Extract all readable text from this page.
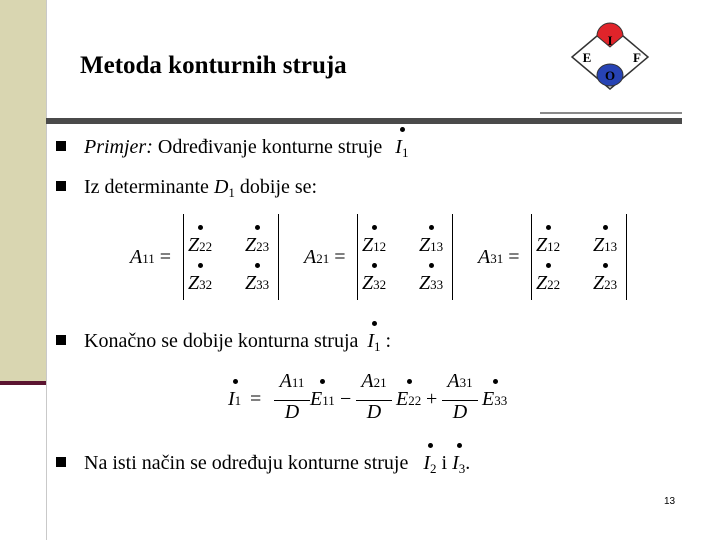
Metoda konturnih struja
I
E	F
O
Primjer: Određivanje konturne struje $I_1$
Iz determinante $D_1$ dobije se:
A11 =
Z22 Z23
Z32 Z33
A21 =
Z12 Z13
Z32 Z33
A31 =
Z12 Z13
Z22 Z23
Konačno se dobije konturna struja $I_1$ :
I1 =
A11
D
E11 −
A21
D
E22 +
A31
D
E33
Na isti način se određuju konturne struje $I_2$ i $I_3$ .
13
